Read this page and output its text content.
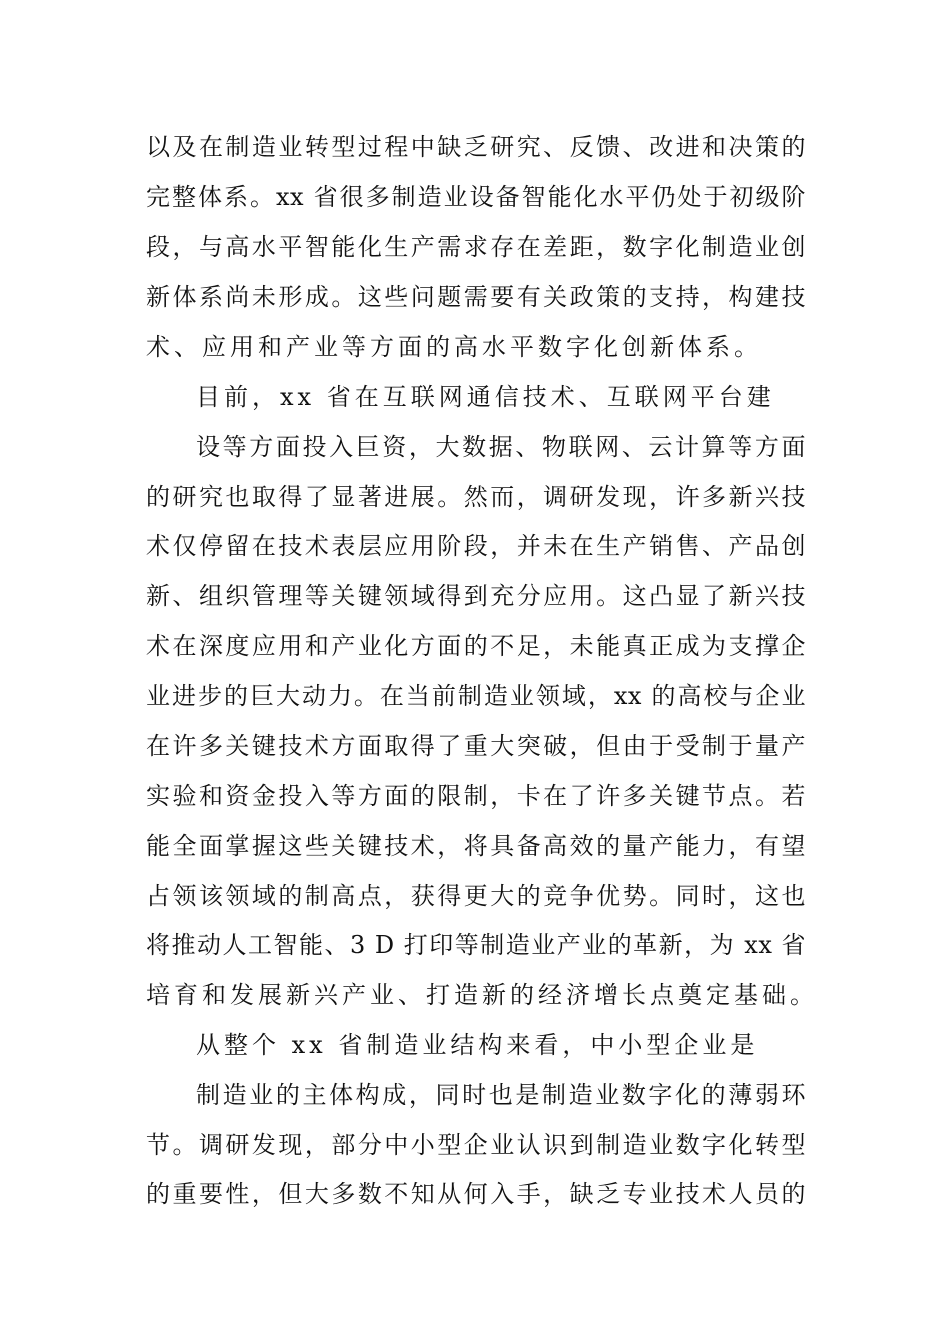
以及在制造业转型过程中缺乏研究、反馈、改进和决策的
完整体系。xx 省很多制造业设备智能化水平仍处于初级阶
段，与高水平智能化生产需求存在差距，数字化制造业创
新体系尚未形成。这些问题需要有关政策的支持，构建技
术、应用和产业等方面的高水平数字化创新体系。
目前，xx 省在互联网通信技术、互联网平台建
设等方面投入巨资，大数据、物联网、云计算等方面
的研究也取得了显著进展。然而，调研发现，许多新兴技
术仅停留在技术表层应用阶段，并未在生产销售、产品创
新、组织管理等关键领域得到充分应用。这凸显了新兴技
术在深度应用和产业化方面的不足，未能真正成为支撑企
业进步的巨大动力。在当前制造业领域，xx 的高校与企业
在许多关键技术方面取得了重大突破，但由于受制于量产
实验和资金投入等方面的限制，卡在了许多关键节点。若
能全面掌握这些关键技术，将具备高效的量产能力，有望
占领该领域的制高点，获得更大的竞争优势。同时，这也
将推动人工智能、3 D 打印等制造业产业的革新，为 xx 省
培育和发展新兴产业、打造新的经济增长点奠定基础。
从整个 xx 省制造业结构来看，中小型企业是
制造业的主体构成，同时也是制造业数字化的薄弱环
节。调研发现，部分中小型企业认识到制造业数字化转型
的重要性，但大多数不知从何入手，缺乏专业技术人员的
